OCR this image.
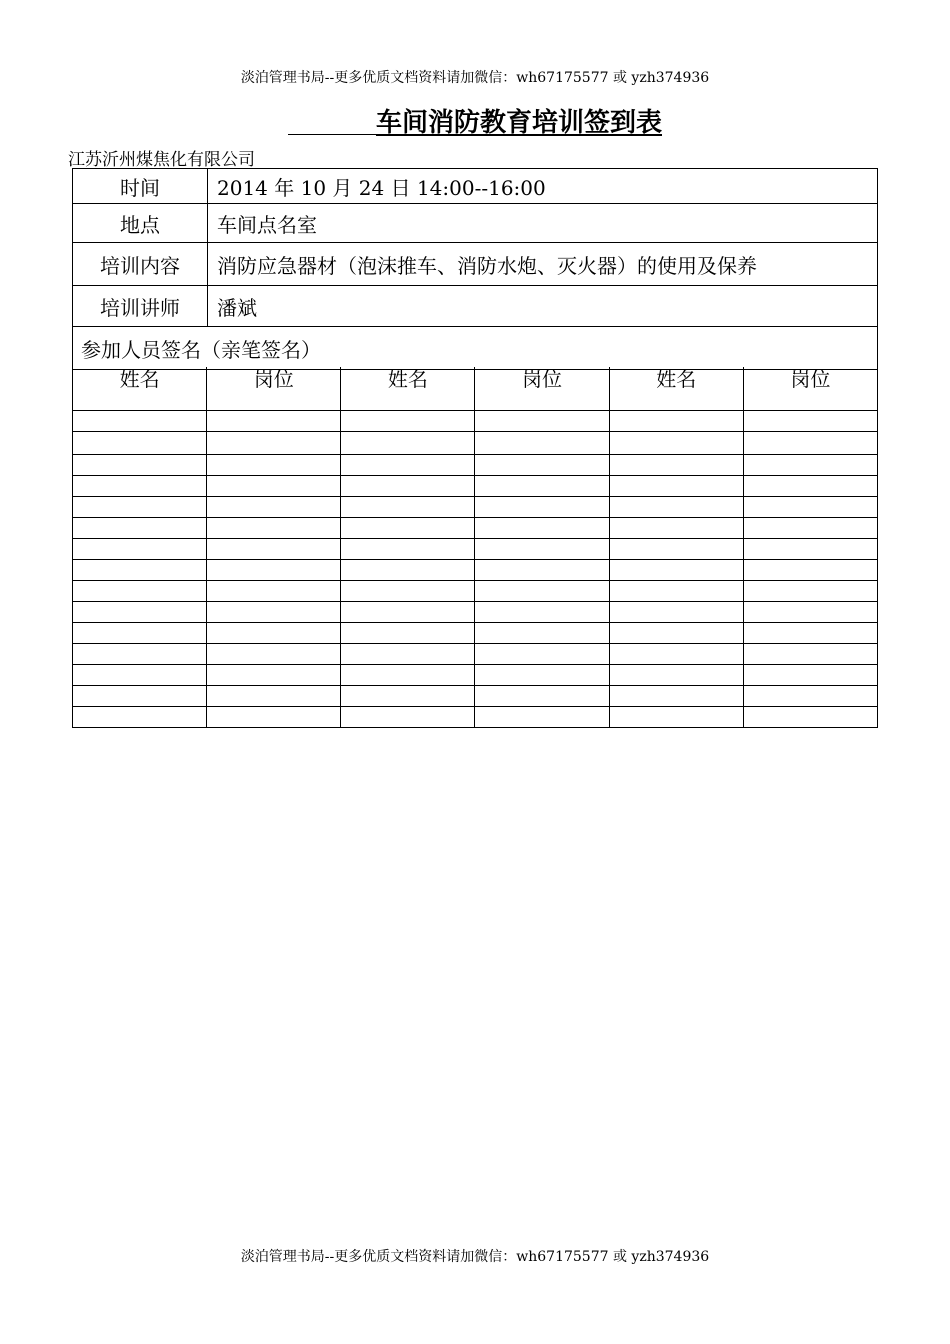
淡泊管理书局--更多优质文档资料请加微信：wh67175577 或 yzh374936
车间消防教育培训签到表
江苏沂州煤焦化有限公司
时间	2014 年 10 月 24 日 14:00--16:00
地点	车间点名室
培训内容	消防应急器材（泡沫推车、消防水炮、灭火器）的使用及保养
培训讲师	潘斌
参加人员签名（亲笔签名）	
姓名	岗位	姓名	岗位	姓名	岗位

淡泊管理书局--更多优质文档资料请加微信：wh67175577 或 yzh374936
